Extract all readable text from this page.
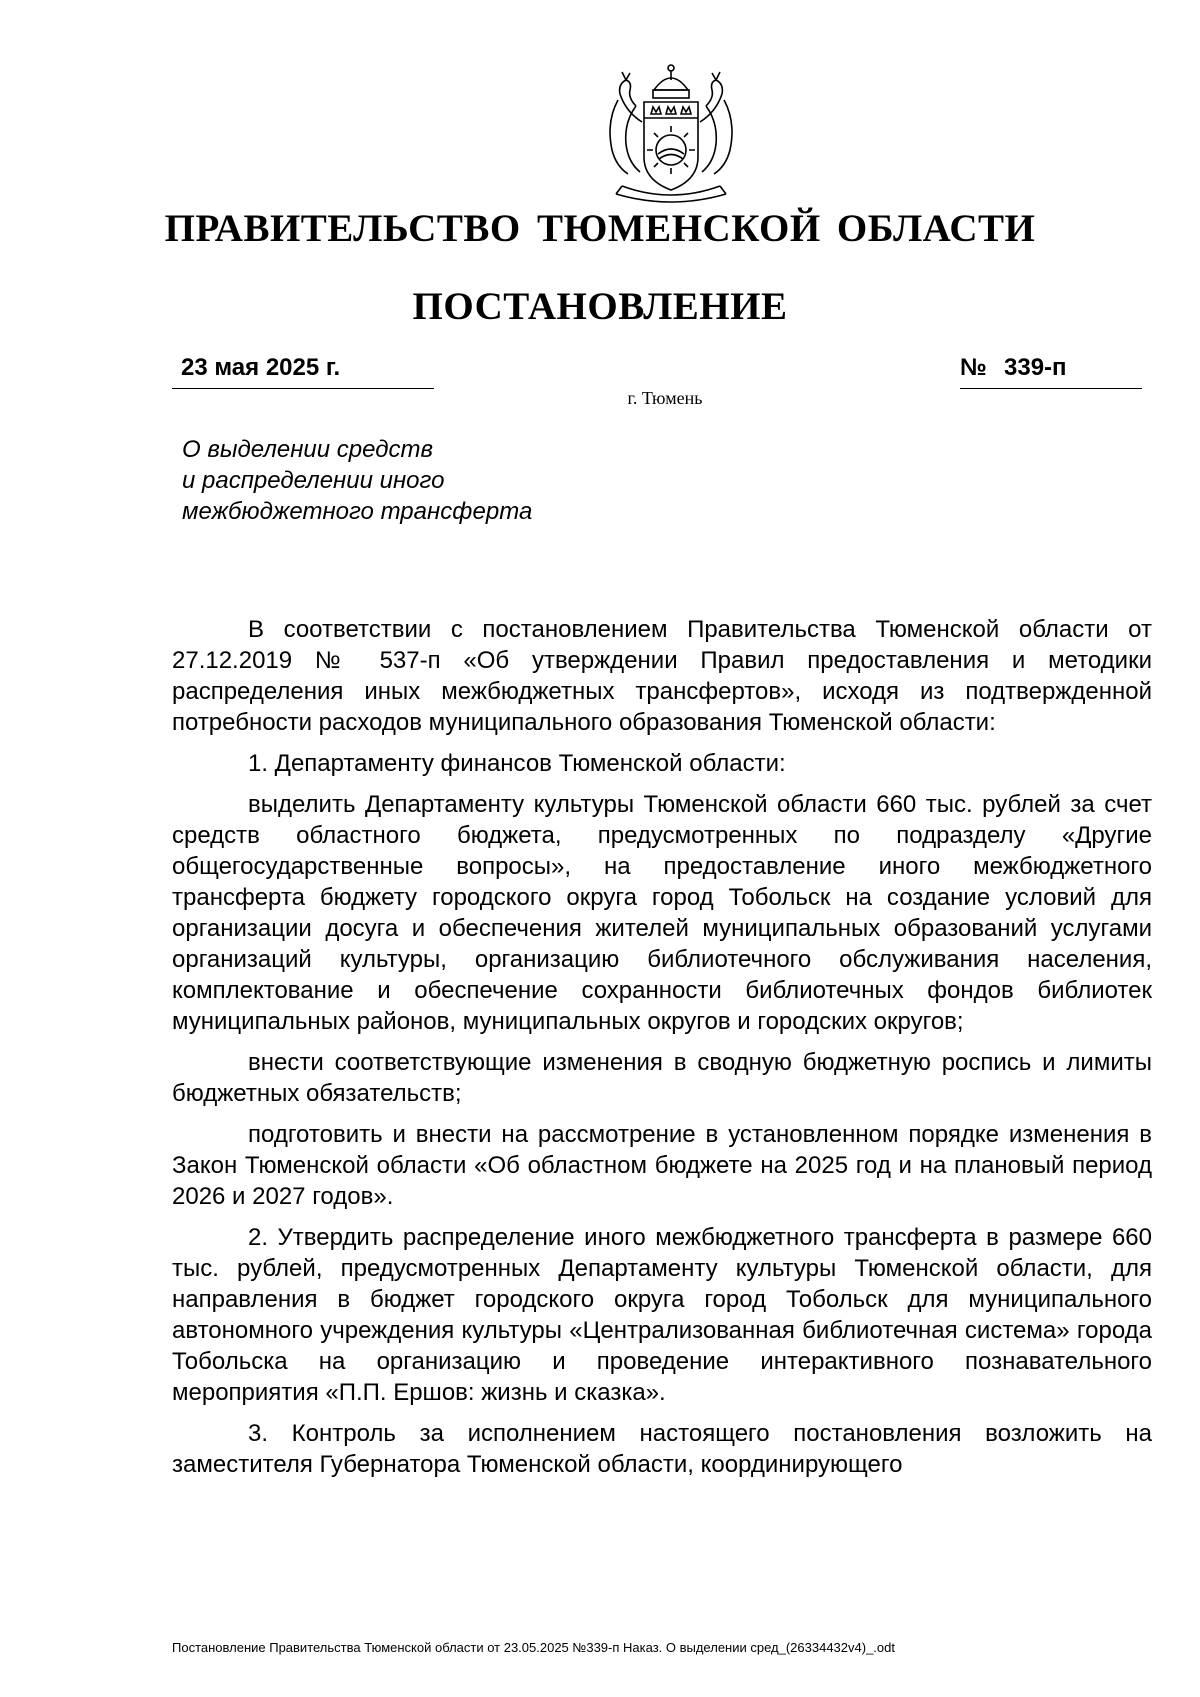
ПРАВИТЕЛЬСТВО ТЮМЕНСКОЙ ОБЛАСТИ
ПОСТАНОВЛЕНИЕ
23 мая 2025 г.	№ 339-п
г. Тюмень
О выделении средств
и распределении иного
межбюджетного трансферта

В соответствии с постановлением Правительства Тюменской области от 27.12.2019 № 537-п «Об утверждении Правил предоставления и методики распределения иных межбюджетных трансфертов», исходя из подтвержденной потребности расходов муниципального образования Тюменской области:

1. Департаменту финансов Тюменской области:

выделить Департаменту культуры Тюменской области 660 тыс. рублей за счет средств областного бюджета, предусмотренных по подразделу «Другие общегосударственные вопросы», на предоставление иного межбюджетного трансферта бюджету городского округа город Тобольск на создание условий для организации досуга и обеспечения жителей муниципальных образований услугами организаций культуры, организацию библиотечного обслуживания населения, комплектование и обеспечение сохранности библиотечных фондов библиотек муниципальных районов, муниципальных округов и городских округов;

внести соответствующие изменения в сводную бюджетную роспись и лимиты бюджетных обязательств;

подготовить и внести на рассмотрение в установленном порядке изменения в Закон Тюменской области «Об областном бюджете на 2025 год и на плановый период 2026 и 2027 годов».

2. Утвердить распределение иного межбюджетного трансферта в размере 660 тыс. рублей, предусмотренных Департаменту культуры Тюменской области, для направления в бюджет городского округа город Тобольск для муниципального автономного учреждения культуры «Централизованная библиотечная система» города Тобольска на организацию и проведение интерактивного познавательного мероприятия «П.П. Ершов: жизнь и сказка».

3. Контроль за исполнением настоящего постановления возложить на заместителя Губернатора Тюменской области, координирующего

Постановление Правительства Тюменской области от 23.05.2025 №339-п Наказ. О выделении сред_(26334432v4)_.odt
